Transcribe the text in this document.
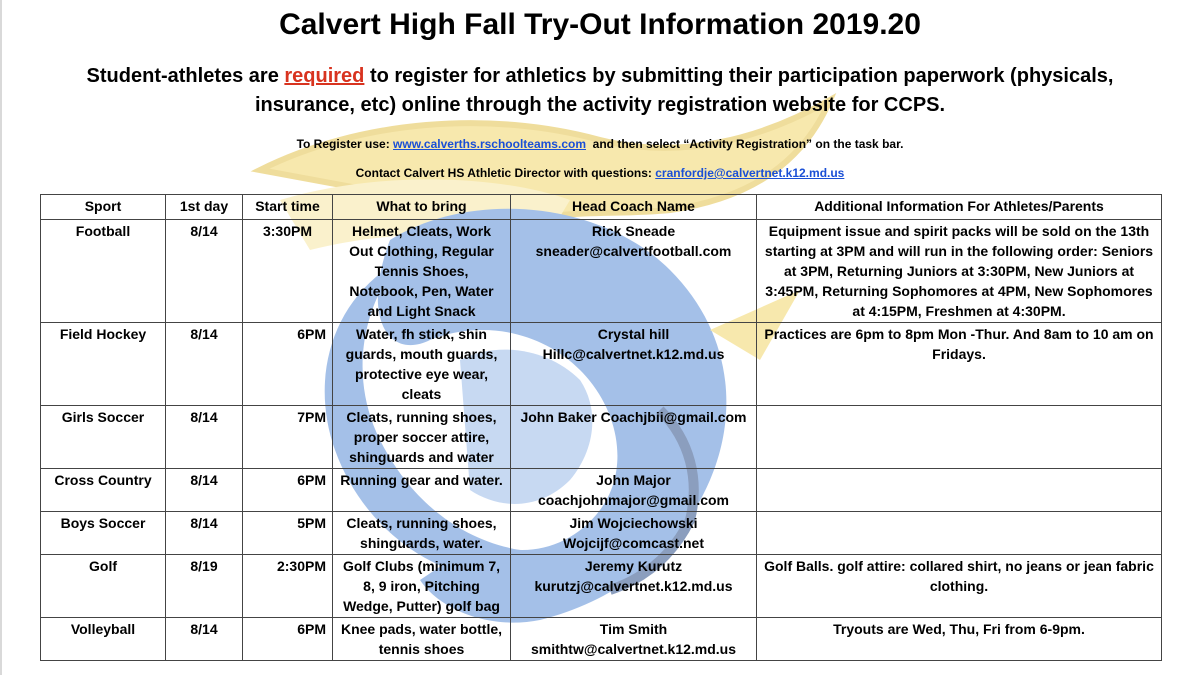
Calvert High Fall Try-Out Information 2019.20
Student-athletes are required to register for athletics by submitting their participation paperwork (physicals, insurance, etc) online through the activity registration website for CCPS.
To Register use: www.calverths.rschoolteams.com  and then select “Activity Registration” on the task bar.
Contact Calvert HS Athletic Director with questions: cranfordje@calvertnet.k12.md.us
Sport	1st day	Start time	What to bring	Head Coach Name	Additional Information For Athletes/Parents
Football	8/14	3:30PM	Helmet, Cleats, Work Out Clothing, Regular Tennis Shoes, Notebook, Pen, Water and Light Snack	Rick Sneade sneader@calvertfootball.com	Equipment issue and spirit packs will be sold on the 13th starting at 3PM and will run in the following order: Seniors at 3PM, Returning Juniors at 3:30PM, New Juniors at 3:45PM, Returning Sophomores at 4PM, New Sophomores at 4:15PM, Freshmen at 4:30PM.
Field Hockey	8/14	6PM	Water, fh stick, shin guards, mouth guards, protective eye wear, cleats	Crystal hill Hillc@calvertnet.k12.md.us	Practices are 6pm to 8pm Mon -Thur. And 8am to 10 am on Fridays.
Girls Soccer	8/14	7PM	Cleats, running shoes, proper soccer attire, shinguards and water	John Baker Coachjbii@gmail.com	
Cross Country	8/14	6PM	Running gear and water.	John Major coachjohnmajor@gmail.com	
Boys Soccer	8/14	5PM	Cleats, running shoes, shinguards, water.	Jim Wojciechowski Wojcijf@comcast.net	
Golf	8/19	2:30PM	Golf Clubs (minimum 7, 8, 9 iron, Pitching Wedge, Putter) golf bag	Jeremy Kurutz kurutzj@calvertnet.k12.md.us	Golf Balls. golf attire: collared shirt, no jeans or jean fabric clothing.
Volleyball	8/14	6PM	Knee pads, water bottle, tennis shoes	Tim Smith smithtw@calvertnet.k12.md.us	Tryouts are Wed, Thu, Fri from 6-9pm.
